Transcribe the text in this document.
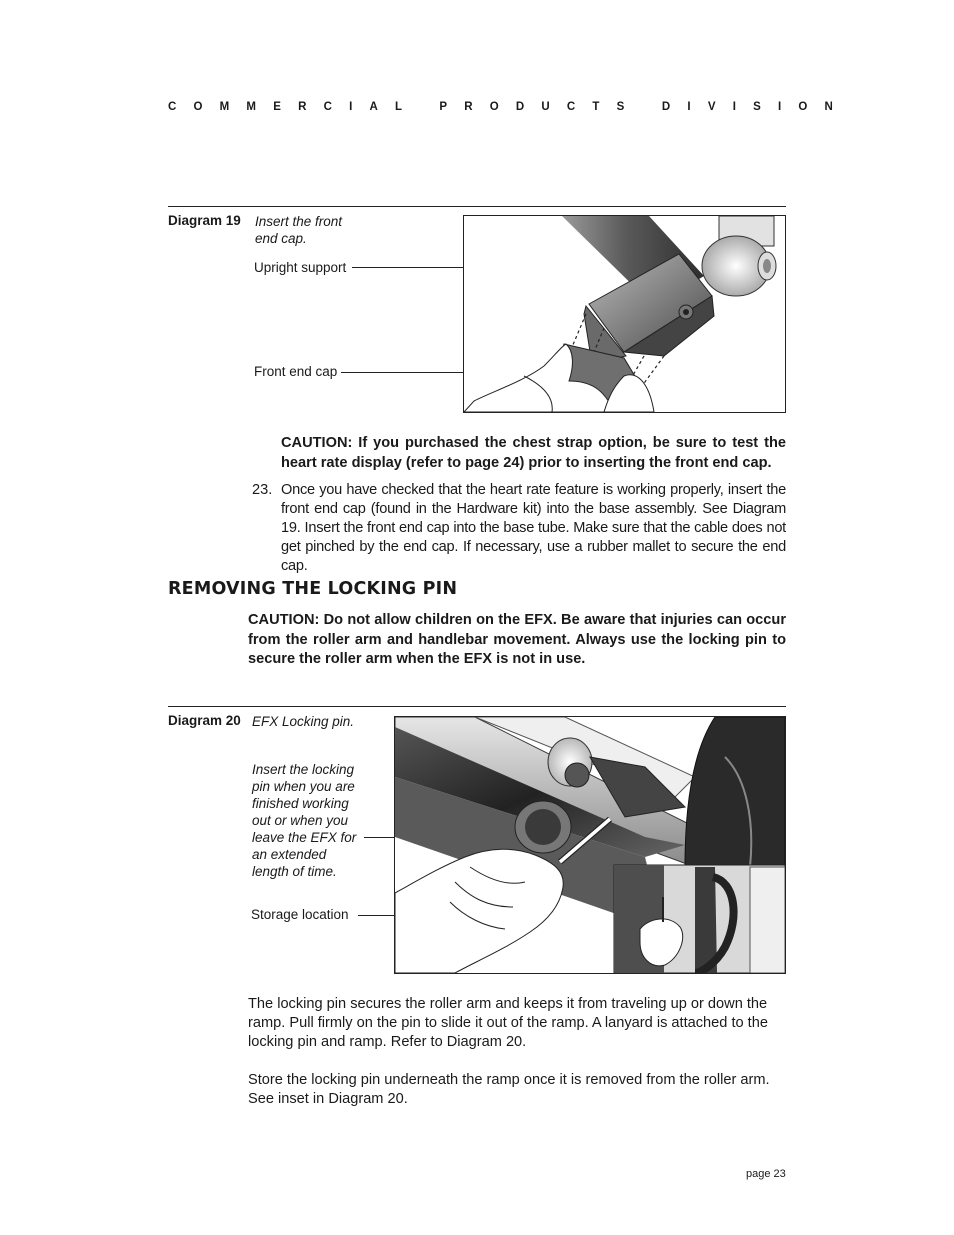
COMMERCIAL PRODUCTS DIVISION
Diagram 19 Insert the front end cap.
Upright support
Front end cap
CAUTION: If you purchased the chest strap option, be sure to test the heart rate display (refer to page 24) prior to inserting the front end cap.
23. Once you have checked that the heart rate feature is working properly, insert the front end cap (found in the Hardware kit) into the base assembly. See Diagram 19. Insert the front end cap into the base tube. Make sure that the cable does not get pinched by the end cap. If necessary, use a rubber mallet to secure the end cap.
REMOVING THE LOCKING PIN
CAUTION: Do not allow children on the EFX. Be aware that injuries can occur from the roller arm and handlebar movement. Always use the locking pin to secure the roller arm when the EFX is not in use.
Diagram 20 EFX Locking pin.
Insert the locking pin when you are finished working out or when you leave the EFX for an extended length of time.
Storage location
The locking pin secures the roller arm and keeps it from traveling up or down the ramp. Pull firmly on the pin to slide it out of the ramp. A lanyard is attached to the locking pin and ramp. Refer to Diagram 20.
Store the locking pin underneath the ramp once it is removed from the roller arm. See inset in Diagram 20.
page 23
